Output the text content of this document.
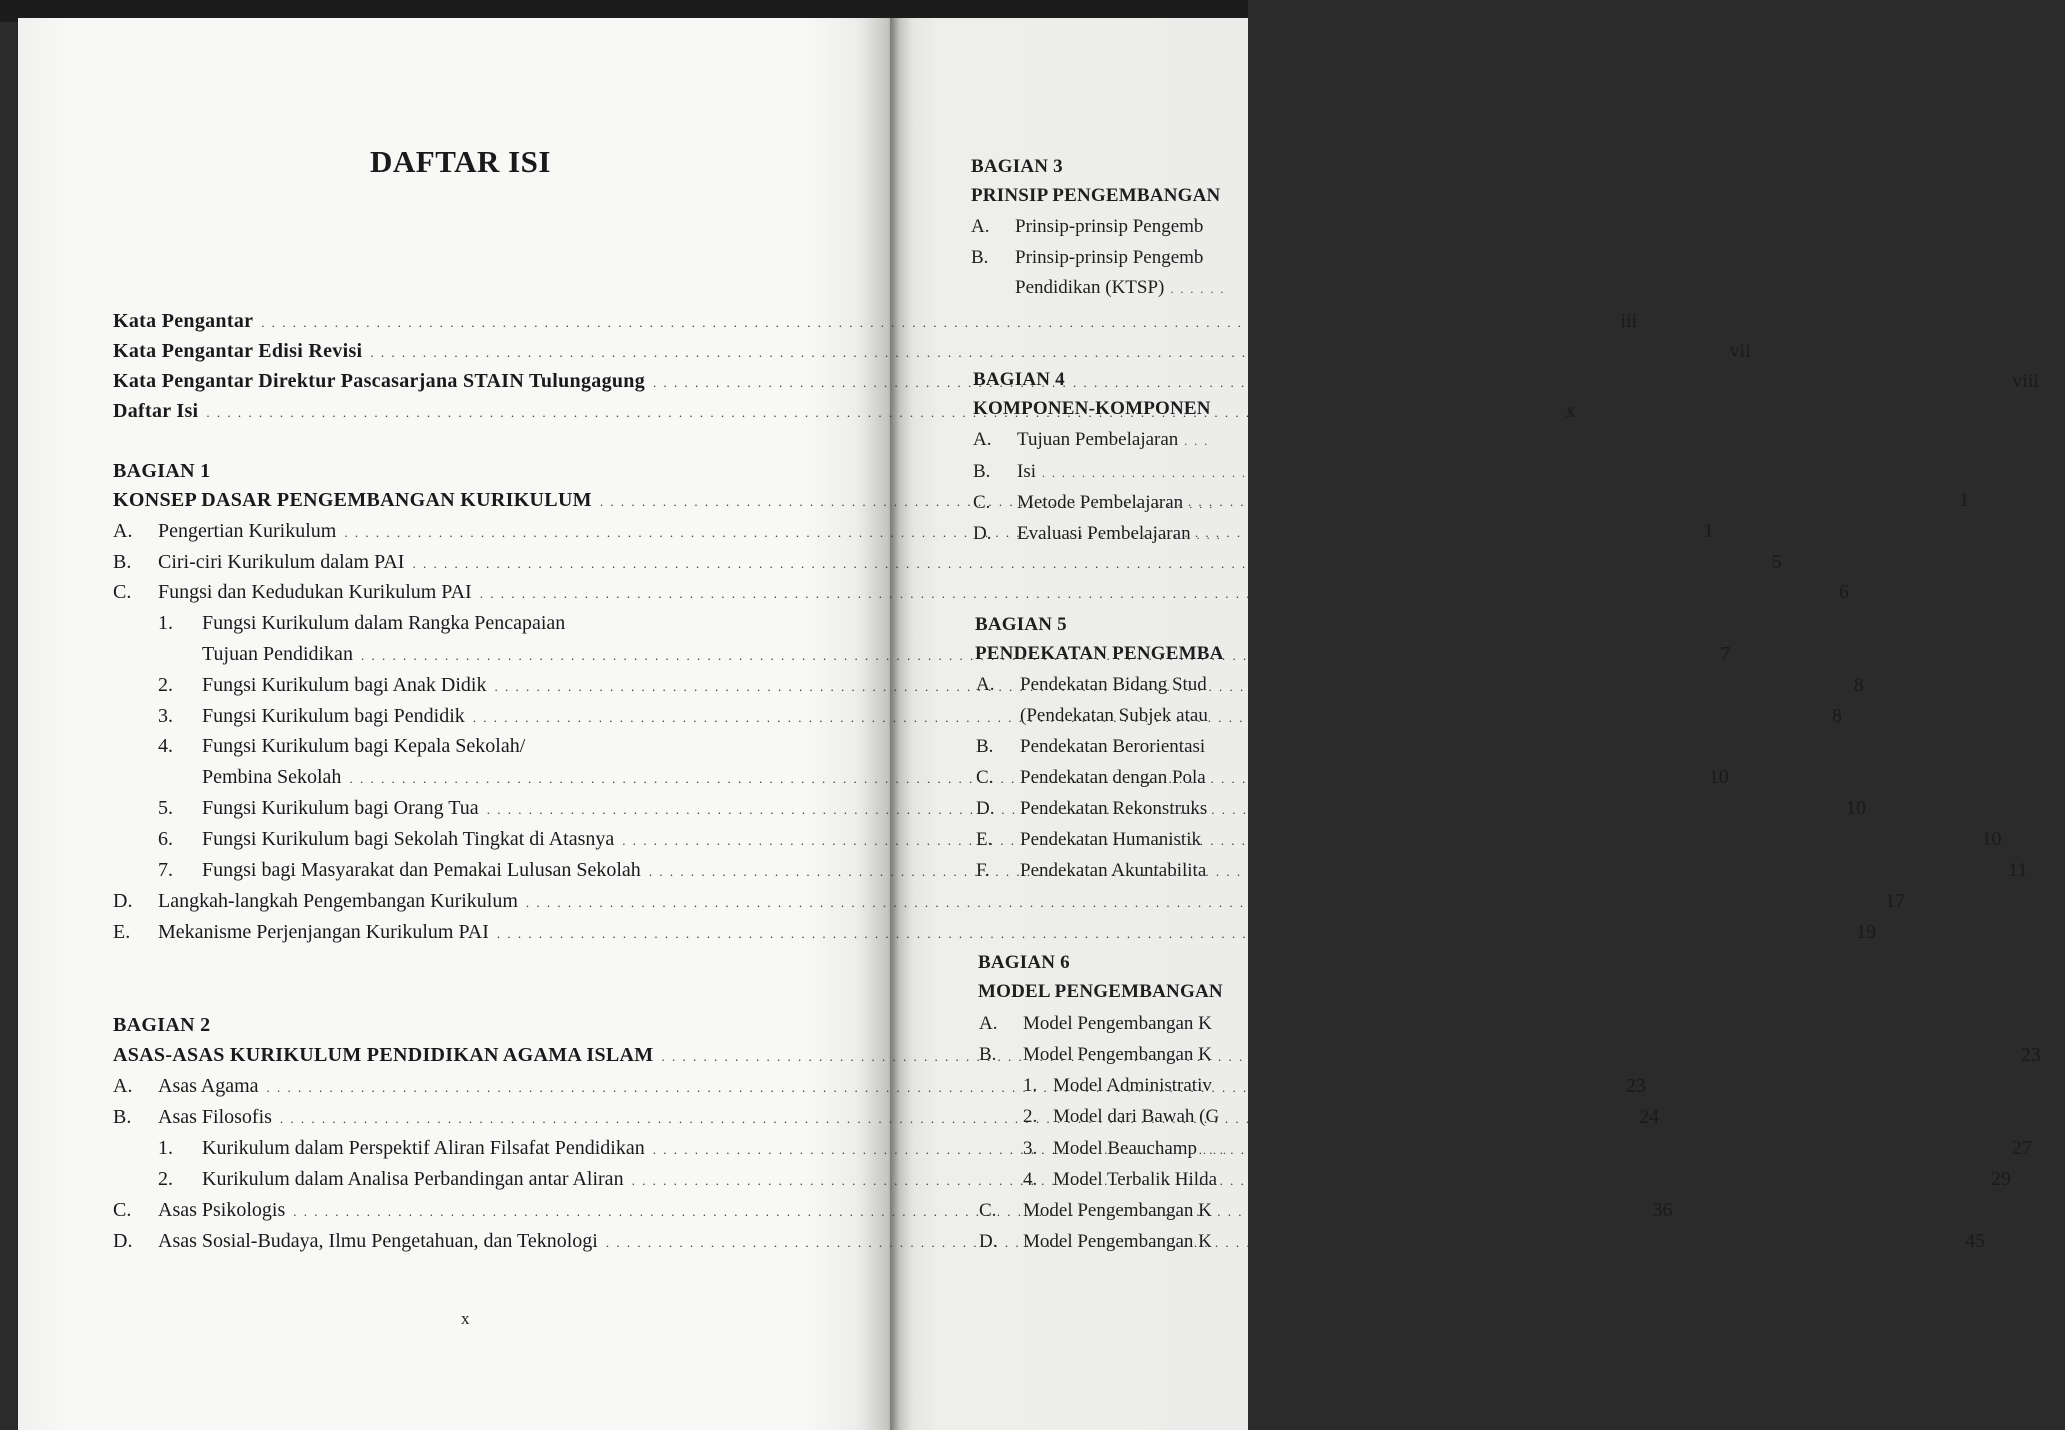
DAFTAR ISI
Kata Pengantar . . .	iii
Kata Pengantar Edisi Revisi . . .	vii
Kata Pengantar Direktur Pascasarjana STAIN Tulungagung . . .	viii
Daftar Isi . . .	x
BAGIAN 1
KONSEP DASAR PENGEMBANGAN KURIKULUM . . .	1
A. Pengertian Kurikulum . . .	1
B. Ciri-ciri Kurikulum dalam PAI . . .	5
C. Fungsi dan Kedudukan Kurikulum PAI . . .	6
1. Fungsi Kurikulum dalam Rangka Pencapaian
Tujuan Pendidikan . . .	7
2. Fungsi Kurikulum bagi Anak Didik . . .	8
3. Fungsi Kurikulum bagi Pendidik . . .	8
4. Fungsi Kurikulum bagi Kepala Sekolah/
Pembina Sekolah . . .	10
5. Fungsi Kurikulum bagi Orang Tua . . .	10
6. Fungsi Kurikulum bagi Sekolah Tingkat di Atasnya . . .	10
7. Fungsi bagi Masyarakat dan Pemakai Lulusan Sekolah . . .	11
D. Langkah-langkah Pengembangan Kurikulum . . .	17
E. Mekanisme Perjenjangan Kurikulum PAI . . .	19
BAGIAN 2
ASAS-ASAS KURIKULUM PENDIDIKAN AGAMA ISLAM . . .	23
A. Asas Agama . . .	23
B. Asas Filosofis . . .	24
1. Kurikulum dalam Perspektif Aliran Filsafat Pendidikan . . .	27
2. Kurikulum dalam Analisa Perbandingan antar Aliran . . .	29
C. Asas Psikologis . . .	36
D. Asas Sosial-Budaya, Ilmu Pengetahuan, dan Teknologi . . .	45
x
BAGIAN 3
PRINSIP PENGEMBANGAN
A. Prinsip-prinsip Pengemb
B. Prinsip-prinsip Pengemb
Pendidikan (KTSP) . . . . . .
BAGIAN 4
KOMPONEN-KOMPONEN
A. Tujuan Pembelajaran . . .
B. Isi . . . . . . . . . . . . . . . . . . . . . . . . . .
C. Metode Pembelajaran . . .
D. Evaluasi Pembelajaran . . .
BAGIAN 5
PENDEKATAN PENGEMBA
A. Pendekatan Bidang Stud
(Pendekatan Subjek atau
B. Pendekatan Berorientasi
C. Pendekatan dengan Pola
D. Pendekatan Rekonstruks
E. Pendekatan Humanistik
F. Pendekatan Akuntabilita
BAGIAN 6
MODEL PENGEMBANGAN
A. Model Pengembangan K
B. Model Pengembangan K
1. Model Administrativ
2. Model dari Bawah (G
3. Model Beauchamp . . .
4. Model Terbalik Hilda
C. Model Pengembangan K
D. Model Pengembangan K
